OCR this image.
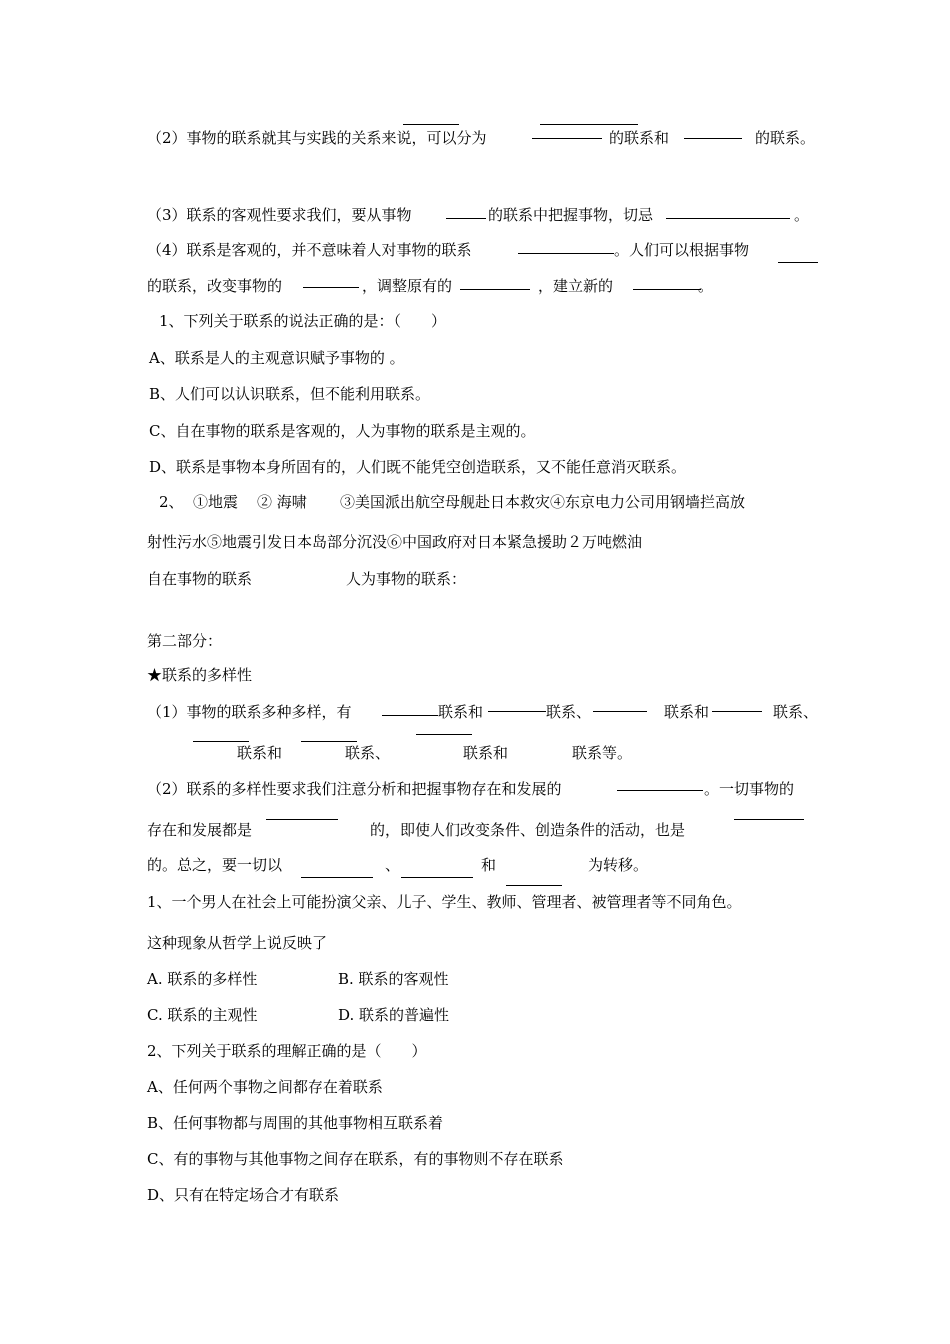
（2）事物的联系就其与实践的关系来说，可以分为	的联系和	的联系。
（3）联系的客观性要求我们，要从事物	的联系中把握事物，切忌	。
（4）联系是客观的，并不意味着人对事物的联系	。人们可以根据事物
的联系，改变事物的	，调整原有的	，建立新的	。
1、下列关于联系的说法正确的是：（　　）
A、联系是人的主观意识赋予事物的 。
B、人们可以认识联系，但不能利用联系。
C、自在事物的联系是客观的，人为事物的联系是主观的。
D、联系是事物本身所固有的，人们既不能凭空创造联系，又不能任意消灭联系。
2、 ①地震 ② 海啸 ③美国派出航空母舰赴日本救灾④东京电力公司用钢墙拦高放
射性污水⑤地震引发日本岛部分沉没⑥中国政府对日本紧急援助２万吨燃油
自在事物的联系	人为事物的联系：
第二部分：
★联系的多样性
（1）事物的联系多种多样，有	联系和	联系、	联系和	联系、
联系和	联系、	联系和	联系等。
（2）联系的多样性要求我们注意分析和把握事物存在和发展的	。一切事物的
存在和发展都是	的，即使人们改变条件、创造条件的活动，也是
的。总之，要一切以	、	和	为转移。
1、一个男人在社会上可能扮演父亲、儿子、学生、教师、管理者、被管理者等不同角色。
这种现象从哲学上说反映了
A. 联系的多样性	B. 联系的客观性
C. 联系的主观性	D. 联系的普遍性
2、下列关于联系的理解正确的是（　　）
A、任何两个事物之间都存在着联系
B、任何事物都与周围的其他事物相互联系着
C、有的事物与其他事物之间存在联系，有的事物则不存在联系
D、只有在特定场合才有联系
